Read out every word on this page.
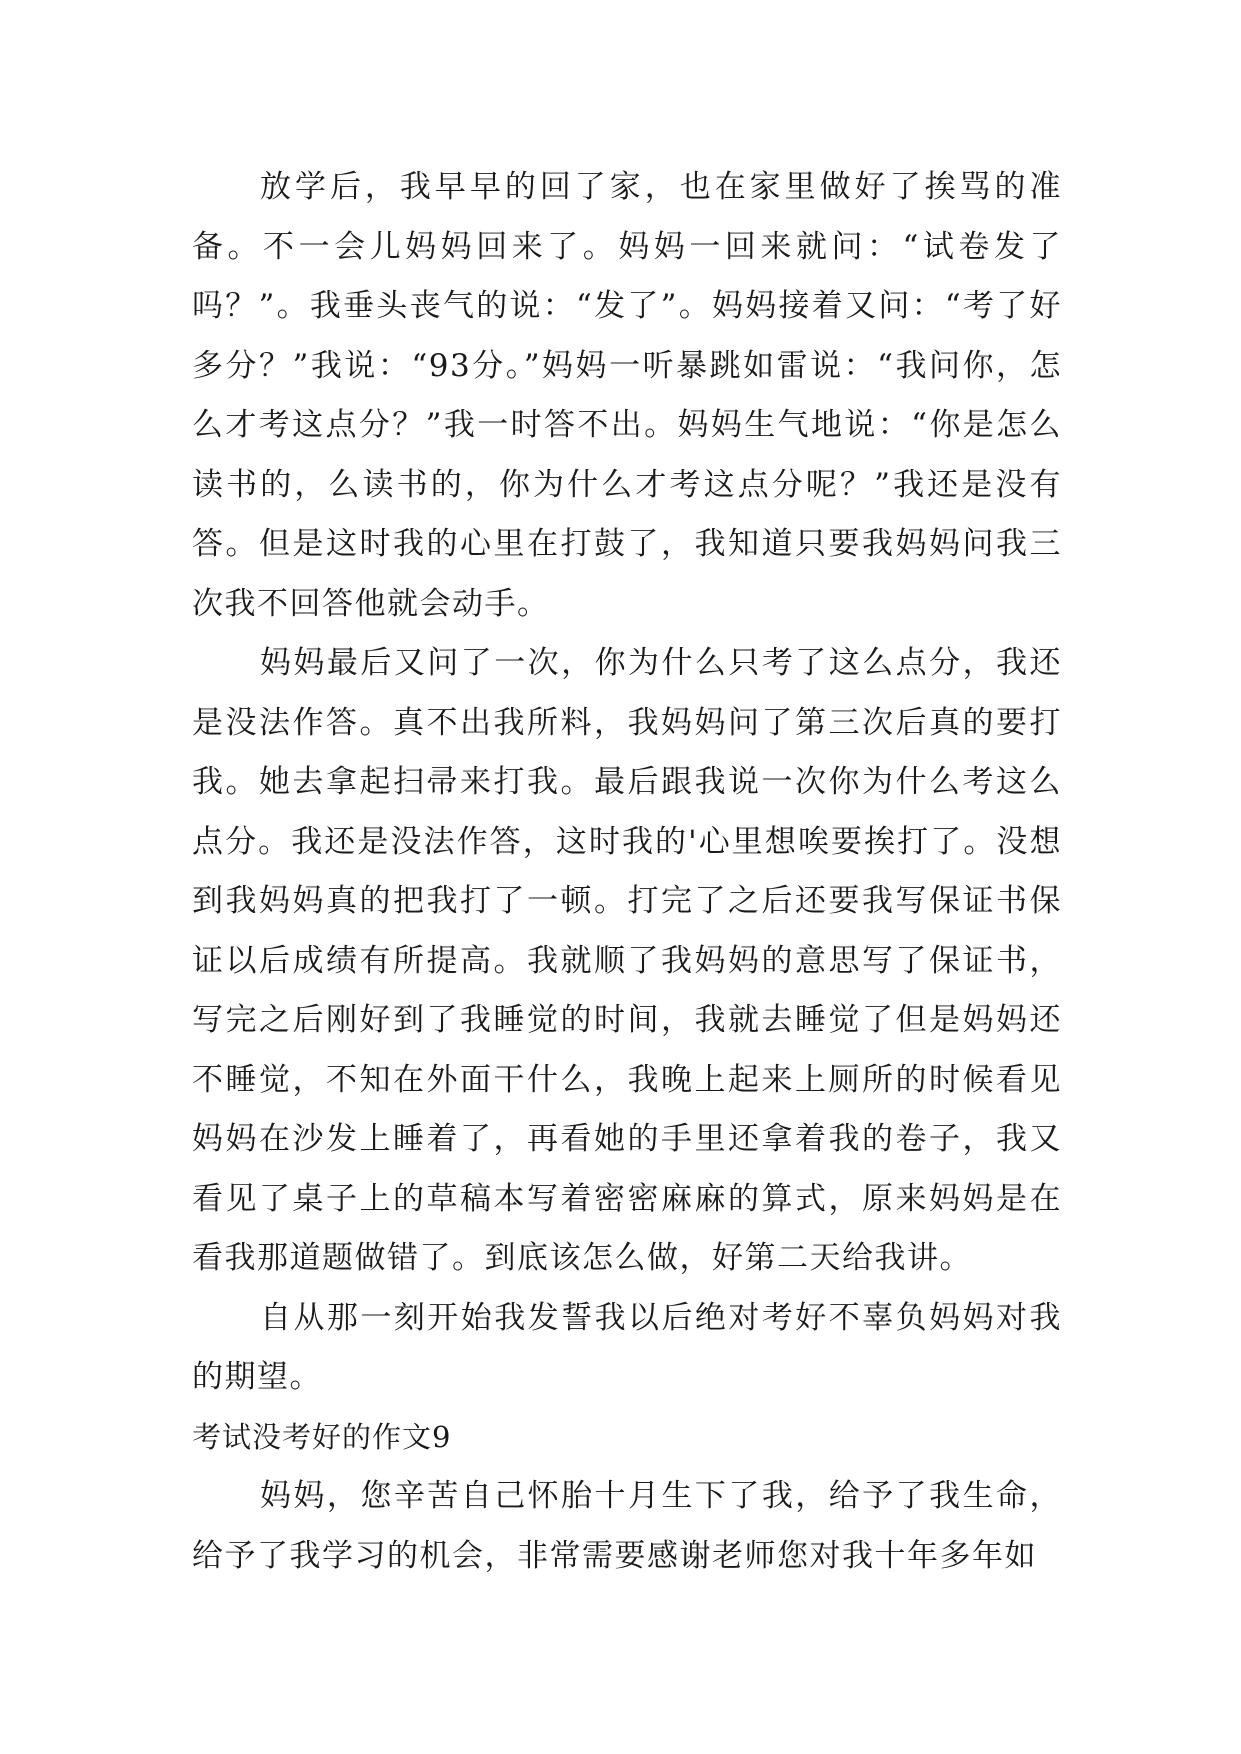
放学后，我早早的回了家，也在家里做好了挨骂的准备。不一会儿妈妈回来了。妈妈一回来就问：“试卷发了吗？”。我垂头丧气的说：“发了”。妈妈接着又问：“考了好多分？”我说：“93分。”妈妈一听暴跳如雷说：“我问你，怎么才考这点分？”我一时答不出。妈妈生气地说：“你是怎么读书的，么读书的，你为什么才考这点分呢？”我还是没有答。但是这时我的心里在打鼓了，我知道只要我妈妈问我三次我不回答他就会动手。

妈妈最后又问了一次，你为什么只考了这么点分，我还是没法作答。真不出我所料，我妈妈问了第三次后真的要打我。她去拿起扫帚来打我。最后跟我说一次你为什么考这么点分。我还是没法作答，这时我的'心里想唉要挨打了。没想到我妈妈真的把我打了一顿。打完了之后还要我写保证书保证以后成绩有所提高。我就顺了我妈妈的意思写了保证书，写完之后刚好到了我睡觉的时间，我就去睡觉了但是妈妈还不睡觉，不知在外面干什么，我晚上起来上厕所的时候看见妈妈在沙发上睡着了，再看她的手里还拿着我的卷子，我又看见了桌子上的草稿本写着密密麻麻的算式，原来妈妈是在看我那道题做错了。到底该怎么做，好第二天给我讲。

自从那一刻开始我发誓我以后绝对考好不辜负妈妈对我的期望。

考试没考好的作文9

妈妈，您辛苦自己怀胎十月生下了我，给予了我生命，给予了我学习的机会，非常需要感谢老师您对我十年多年如
